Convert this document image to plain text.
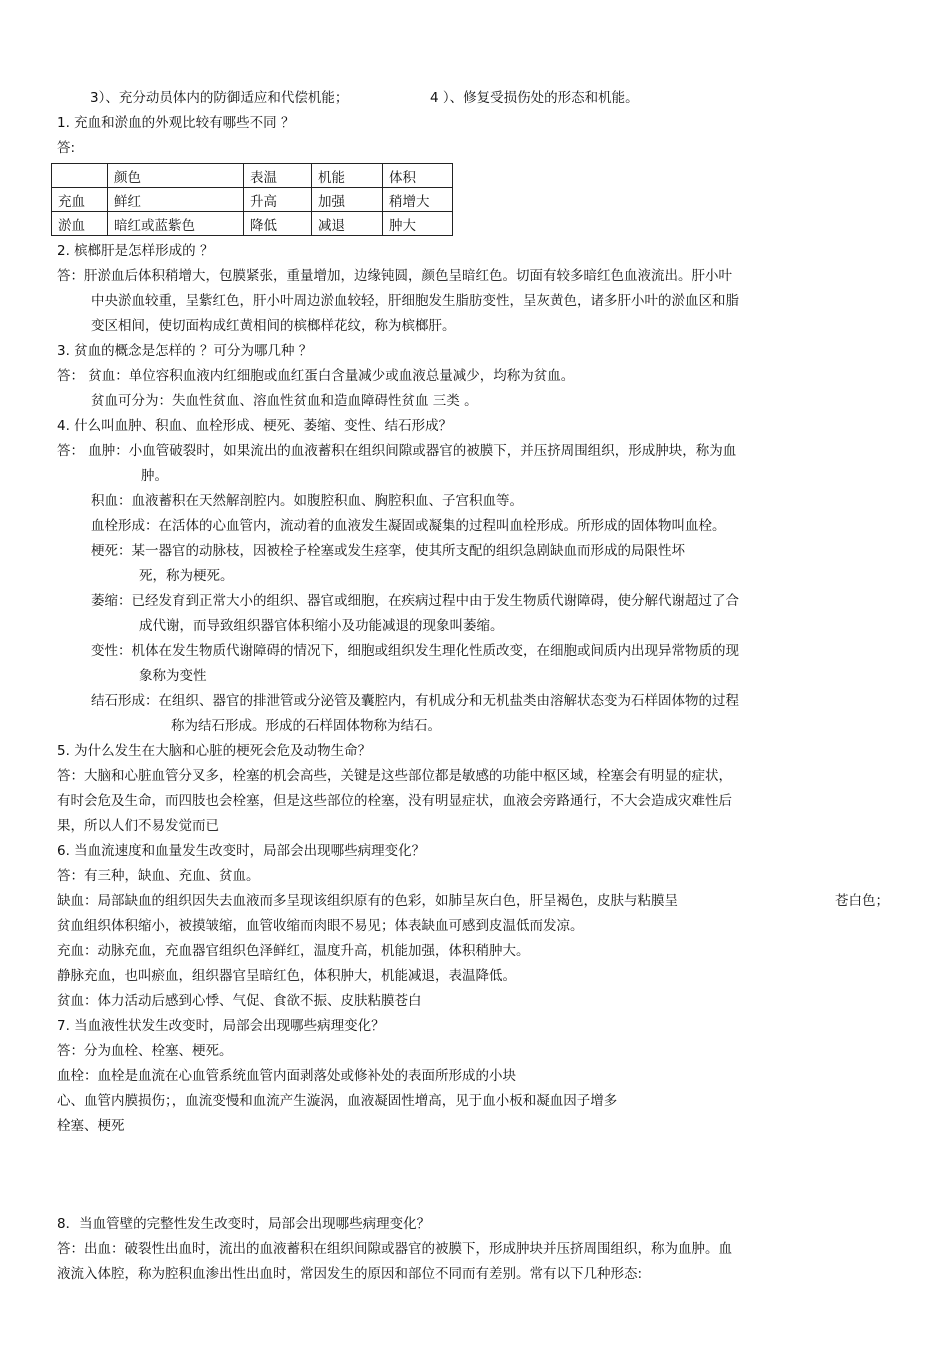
3）、充分动员体内的防御适应和代偿机能；	4 ）、修复受损伤处的形态和机能。
1. 充血和淤血的外观比较有哪些不同 ？
答:
	颜色	表温	机能	体积
充血	鲜红	升高	加强	稍增大
淤血	暗红或蓝紫色	降低	减退	肿大
2. 槟榔肝是怎样形成的 ？
答：肝淤血后体积稍增大，包膜紧张，重量增加，边缘钝圆，颜色呈暗红色。切面有较多暗红色血液流出。肝小叶
中央淤血较重，呈紫红色，肝小叶周边淤血较轻，肝细胞发生脂肪变性，呈灰黄色，诸多肝小叶的淤血区和脂
变区相间，使切面构成红黄相间的槟榔样花纹，称为槟榔肝。
3. 贫血的概念是怎样的 ？可分为哪几种 ？
答： 贫血：单位容积血液内红细胞或血红蛋白含量减少或血液总量减少，均称为贫血。
贫血可分为：失血性贫血、溶血性贫血和造血障碍性贫血 三类 。
4. 什么叫血肿、积血、血栓形成、梗死、萎缩、变性、结石形成？
答： 血肿：小血管破裂时，如果流出的血液蓄积在组织间隙或器官的被膜下，并压挤周围组织，形成肿块，称为血
肿。
积血：血液蓄积在天然解剖腔内。如腹腔积血、胸腔积血、子宫积血等。
血栓形成：在活体的心血管内，流动着的血液发生凝固或凝集的过程叫血栓形成。所形成的固体物叫血栓。
梗死：某一器官的动脉枝，因被栓子栓塞或发生痉挛，使其所支配的组织急剧缺血而形成的局限性坏
死，称为梗死。
萎缩：已经发育到正常大小的组织、器官或细胞，在疾病过程中由于发生物质代谢障碍，使分解代谢超过了合
成代谢，而导致组织器官体积缩小及功能减退的现象叫萎缩。
变性：机体在发生物质代谢障碍的情况下，细胞或组织发生理化性质改变，在细胞或间质内出现异常物质的现
象称为变性
结石形成：在组织、器官的排泄管或分泌管及囊腔内，有机成分和无机盐类由溶解状态变为石样固体物的过程
称为结石形成。形成的石样固体物称为结石。
5. 为什么发生在大脑和心脏的梗死会危及动物生命？
答：大脑和心脏血管分叉多，栓塞的机会高些，关键是这些部位都是敏感的功能中枢区域，栓塞会有明显的症状，
有时会危及生命，而四肢也会栓塞，但是这些部位的栓塞，没有明显症状，血液会旁路通行，不大会造成灾难性后
果，所以人们不易发觉而已
6. 当血流速度和血量发生改变时，局部会出现哪些病理变化？
答：有三种，缺血、充血、贫血。
缺血：局部缺血的组织因失去血液而多呈现该组织原有的色彩，如肺呈灰白色，肝呈褐色，皮肤与粘膜呈	苍白色；
贫血组织体积缩小，被摸皱缩，血管收缩而肉眼不易见；体表缺血可感到皮温低而发凉。
充血：动脉充血，充血器官组织色泽鲜红，温度升高，机能加强，体积稍肿大。
静脉充血，也叫瘀血，组织器官呈暗红色，体积肿大，机能减退，表温降低。
贫血：体力活动后感到心悸、气促、食欲不振、皮肤粘膜苍白
7. 当血液性状发生改变时，局部会出现哪些病理变化？
答：分为血栓、栓塞、梗死。
血栓：血栓是血流在心血管系统血管内面剥落处或修补处的表面所形成的小块
心、血管内膜损伤；，血流变慢和血流产生漩涡，血液凝固性增高，见于血小板和凝血因子增多
栓塞、梗死
8．当血管壁的完整性发生改变时，局部会出现哪些病理变化？
答：出血：破裂性出血时，流出的血液蓄积在组织间隙或器官的被膜下，形成肿块并压挤周围组织，称为血肿。血
液流入体腔，称为腔积血渗出性出血时，常因发生的原因和部位不同而有差别。常有以下几种形态:
